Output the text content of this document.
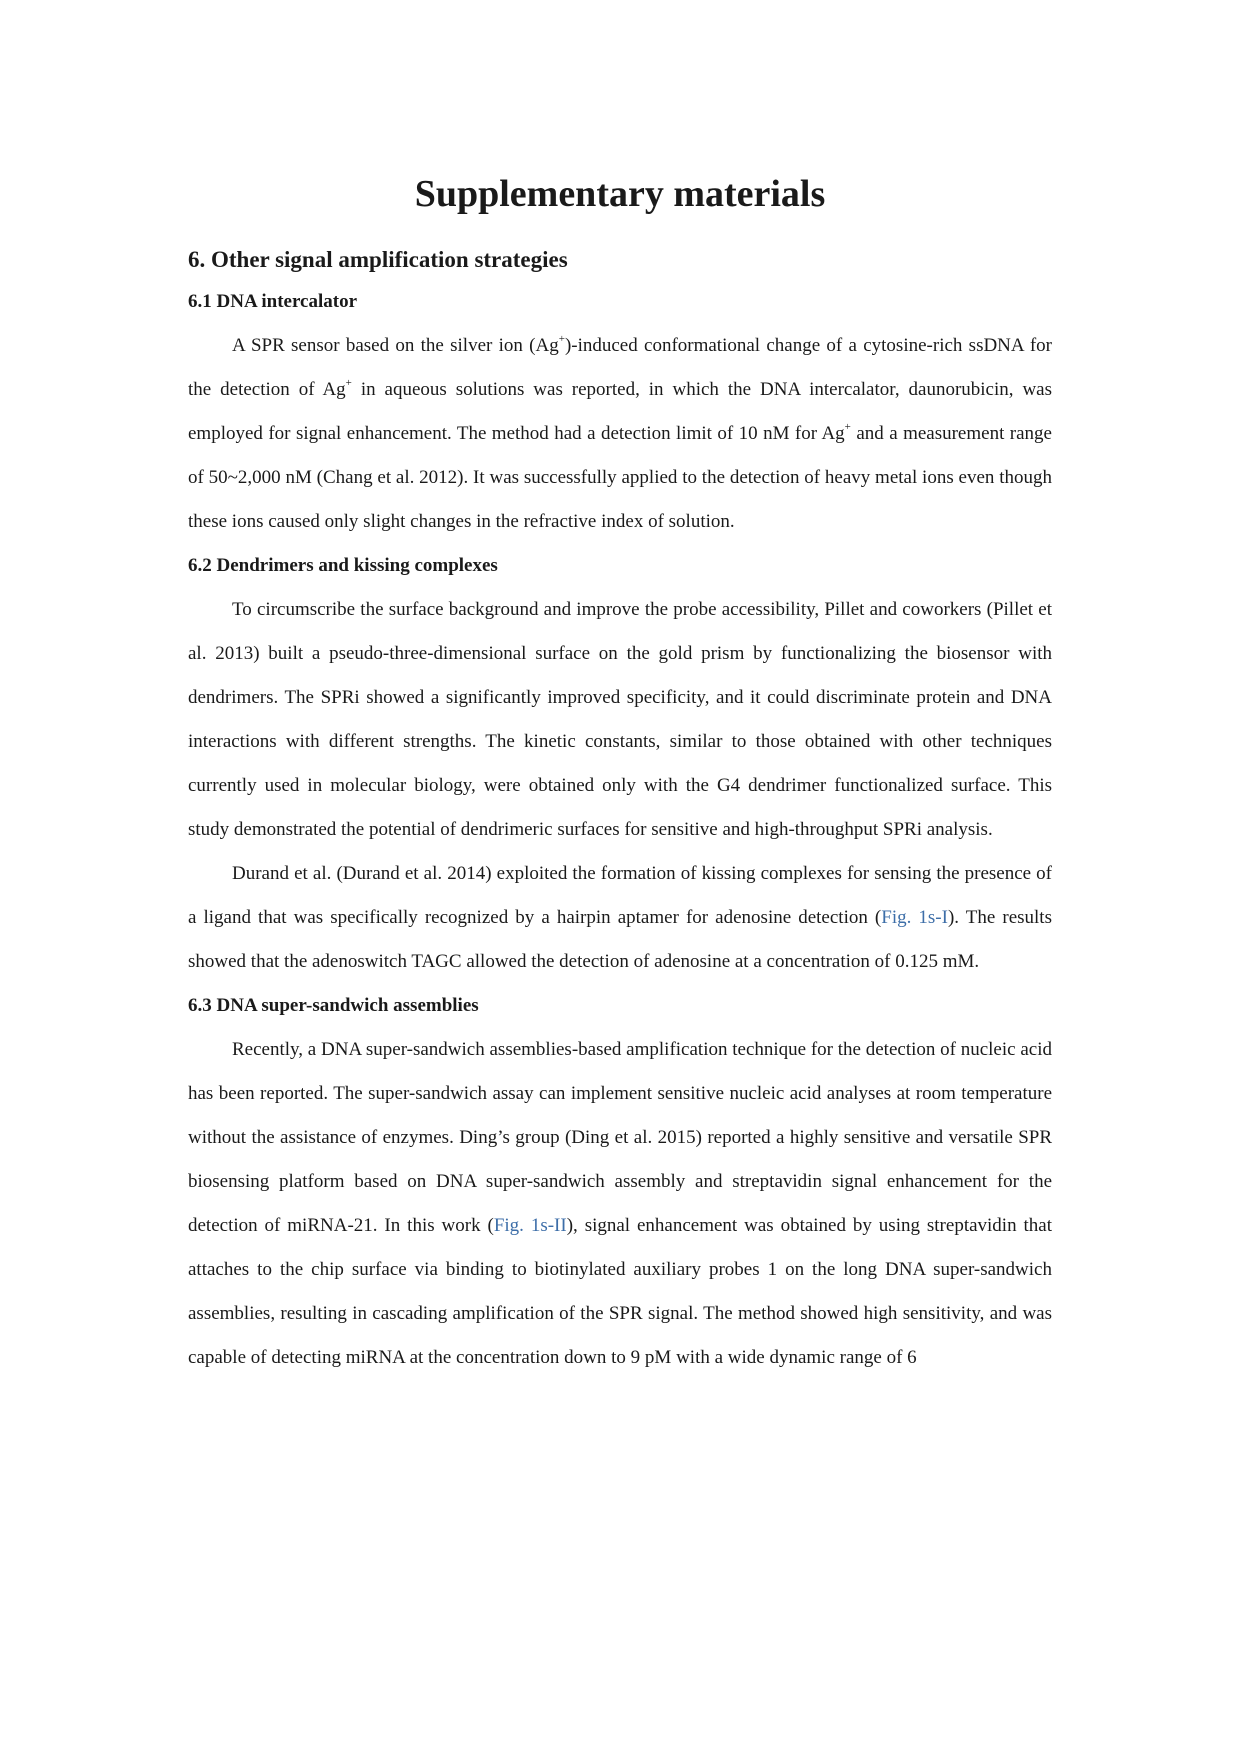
Supplementary materials
6. Other signal amplification strategies
6.1 DNA intercalator

A SPR sensor based on the silver ion (Ag+)-induced conformational change of a cytosine-rich ssDNA for the detection of Ag+ in aqueous solutions was reported, in which the DNA intercalator, daunorubicin, was employed for signal enhancement. The method had a detection limit of 10 nM for Ag+ and a measurement range of 50~2,000 nM (Chang et al. 2012). It was successfully applied to the detection of heavy metal ions even though these ions caused only slight changes in the refractive index of solution.

6.2 Dendrimers and kissing complexes

To circumscribe the surface background and improve the probe accessibility, Pillet and coworkers (Pillet et al. 2013) built a pseudo-three-dimensional surface on the gold prism by functionalizing the biosensor with dendrimers. The SPRi showed a significantly improved specificity, and it could discriminate protein and DNA interactions with different strengths. The kinetic constants, similar to those obtained with other techniques currently used in molecular biology, were obtained only with the G4 dendrimer functionalized surface. This study demonstrated the potential of dendrimeric surfaces for sensitive and high-throughput SPRi analysis.

Durand et al. (Durand et al. 2014) exploited the formation of kissing complexes for sensing the presence of a ligand that was specifically recognized by a hairpin aptamer for adenosine detection (Fig. 1s-I). The results showed that the adenoswitch TAGC allowed the detection of adenosine at a concentration of 0.125 mM.

6.3 DNA super-sandwich assemblies

Recently, a DNA super-sandwich assemblies-based amplification technique for the detection of nucleic acid has been reported. The super-sandwich assay can implement sensitive nucleic acid analyses at room temperature without the assistance of enzymes. Ding’s group (Ding et al. 2015) reported a highly sensitive and versatile SPR biosensing platform based on DNA super-sandwich assembly and streptavidin signal enhancement for the detection of miRNA-21. In this work (Fig. 1s-II), signal enhancement was obtained by using streptavidin that attaches to the chip surface via binding to biotinylated auxiliary probes 1 on the long DNA super-sandwich assemblies, resulting in cascading amplification of the SPR signal. The method showed high sensitivity, and was capable of detecting miRNA at the concentration down to 9 pM with a wide dynamic range of 6
